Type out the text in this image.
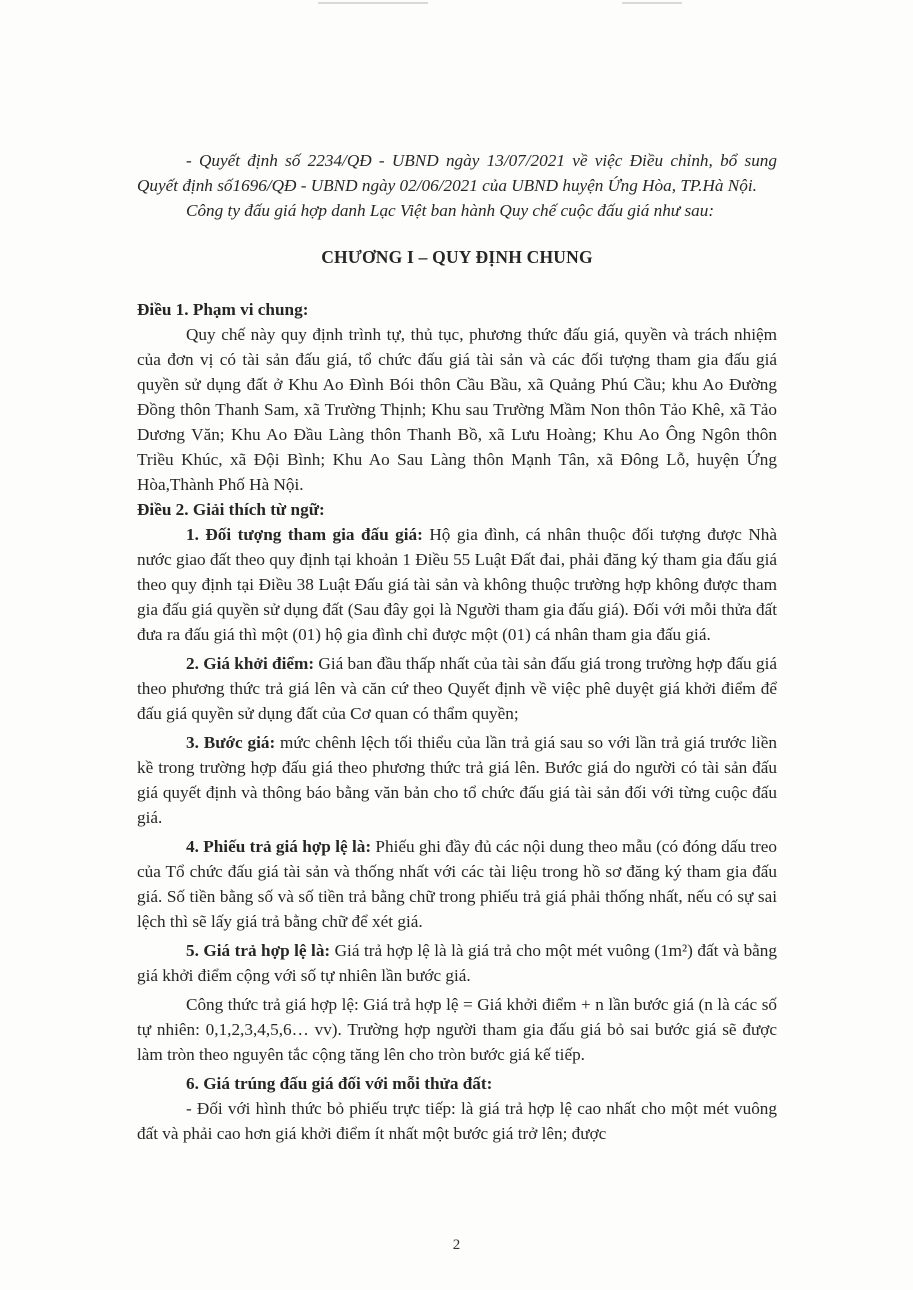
- Quyết định số 2234/QĐ - UBND ngày 13/07/2021 về việc Điều chỉnh, bổ sung Quyết định số1696/QĐ - UBND ngày 02/06/2021 của UBND huyện Ứng Hòa, TP.Hà Nội.

Công ty đấu giá hợp danh Lạc Việt ban hành Quy chế cuộc đấu giá như sau:

CHƯƠNG I – QUY ĐỊNH CHUNG

Điều 1. Phạm vi chung:

Quy chế này quy định trình tự, thủ tục, phương thức đấu giá, quyền và trách nhiệm của đơn vị có tài sản đấu giá, tổ chức đấu giá tài sản và các đối tượng tham gia đấu giá quyền sử dụng đất ở Khu Ao Đình Bói thôn Cầu Bầu, xã Quảng Phú Cầu; khu Ao Đường Đồng thôn Thanh Sam, xã Trường Thịnh; Khu sau Trường Mầm Non thôn Tảo Khê, xã Tảo Dương Văn; Khu Ao Đầu Làng thôn Thanh Bồ, xã Lưu Hoàng; Khu Ao Ông Ngôn thôn Triều Khúc, xã Đội Bình; Khu Ao Sau Làng thôn Mạnh Tân, xã Đông Lỗ, huyện Ứng Hòa,Thành Phố Hà Nội.

Điều 2. Giải thích từ ngữ:

1. Đối tượng tham gia đấu giá: Hộ gia đình, cá nhân thuộc đối tượng được Nhà nước giao đất theo quy định tại khoản 1 Điều 55 Luật Đất đai, phải đăng ký tham gia đấu giá theo quy định tại Điều 38 Luật Đấu giá tài sản và không thuộc trường hợp không được tham gia đấu giá quyền sử dụng đất (Sau đây gọi là Người tham gia đấu giá). Đối với mỗi thửa đất đưa ra đấu giá thì một (01) hộ gia đình chỉ được một (01) cá nhân tham gia đấu giá.

2. Giá khởi điểm: Giá ban đầu thấp nhất của tài sản đấu giá trong trường hợp đấu giá theo phương thức trả giá lên và căn cứ theo Quyết định về việc phê duyệt giá khởi điểm để đấu giá quyền sử dụng đất của Cơ quan có thẩm quyền;

3. Bước giá: mức chênh lệch tối thiểu của lần trả giá sau so với lần trả giá trước liền kề trong trường hợp đấu giá theo phương thức trả giá lên. Bước giá do người có tài sản đấu giá quyết định và thông báo bằng văn bản cho tổ chức đấu giá tài sản đối với từng cuộc đấu giá.

4. Phiếu trả giá hợp lệ là: Phiếu ghi đầy đủ các nội dung theo mẫu (có đóng dấu treo của Tổ chức đấu giá tài sản và thống nhất với các tài liệu trong hồ sơ đăng ký tham gia đấu giá. Số tiền bằng số và số tiền trả bằng chữ trong phiếu trả giá phải thống nhất, nếu có sự sai lệch thì sẽ lấy giá trả bằng chữ để xét giá.

5. Giá trả hợp lệ là: Giá trả hợp lệ là là giá trả cho một mét vuông (1m²) đất và bằng giá khởi điểm cộng với số tự nhiên lần bước giá.

Công thức trả giá hợp lệ: Giá trả hợp lệ = Giá khởi điểm + n lần bước giá (n là các số tự nhiên: 0,1,2,3,4,5,6… vv). Trường hợp người tham gia đấu giá bỏ sai bước giá sẽ được làm tròn theo nguyên tắc cộng tăng lên cho tròn bước giá kế tiếp.

6. Giá trúng đấu giá đối với mỗi thửa đất:

- Đối với hình thức bỏ phiếu trực tiếp: là giá trả hợp lệ cao nhất cho một mét vuông đất và phải cao hơn giá khởi điểm ít nhất một bước giá trở lên; được

2
